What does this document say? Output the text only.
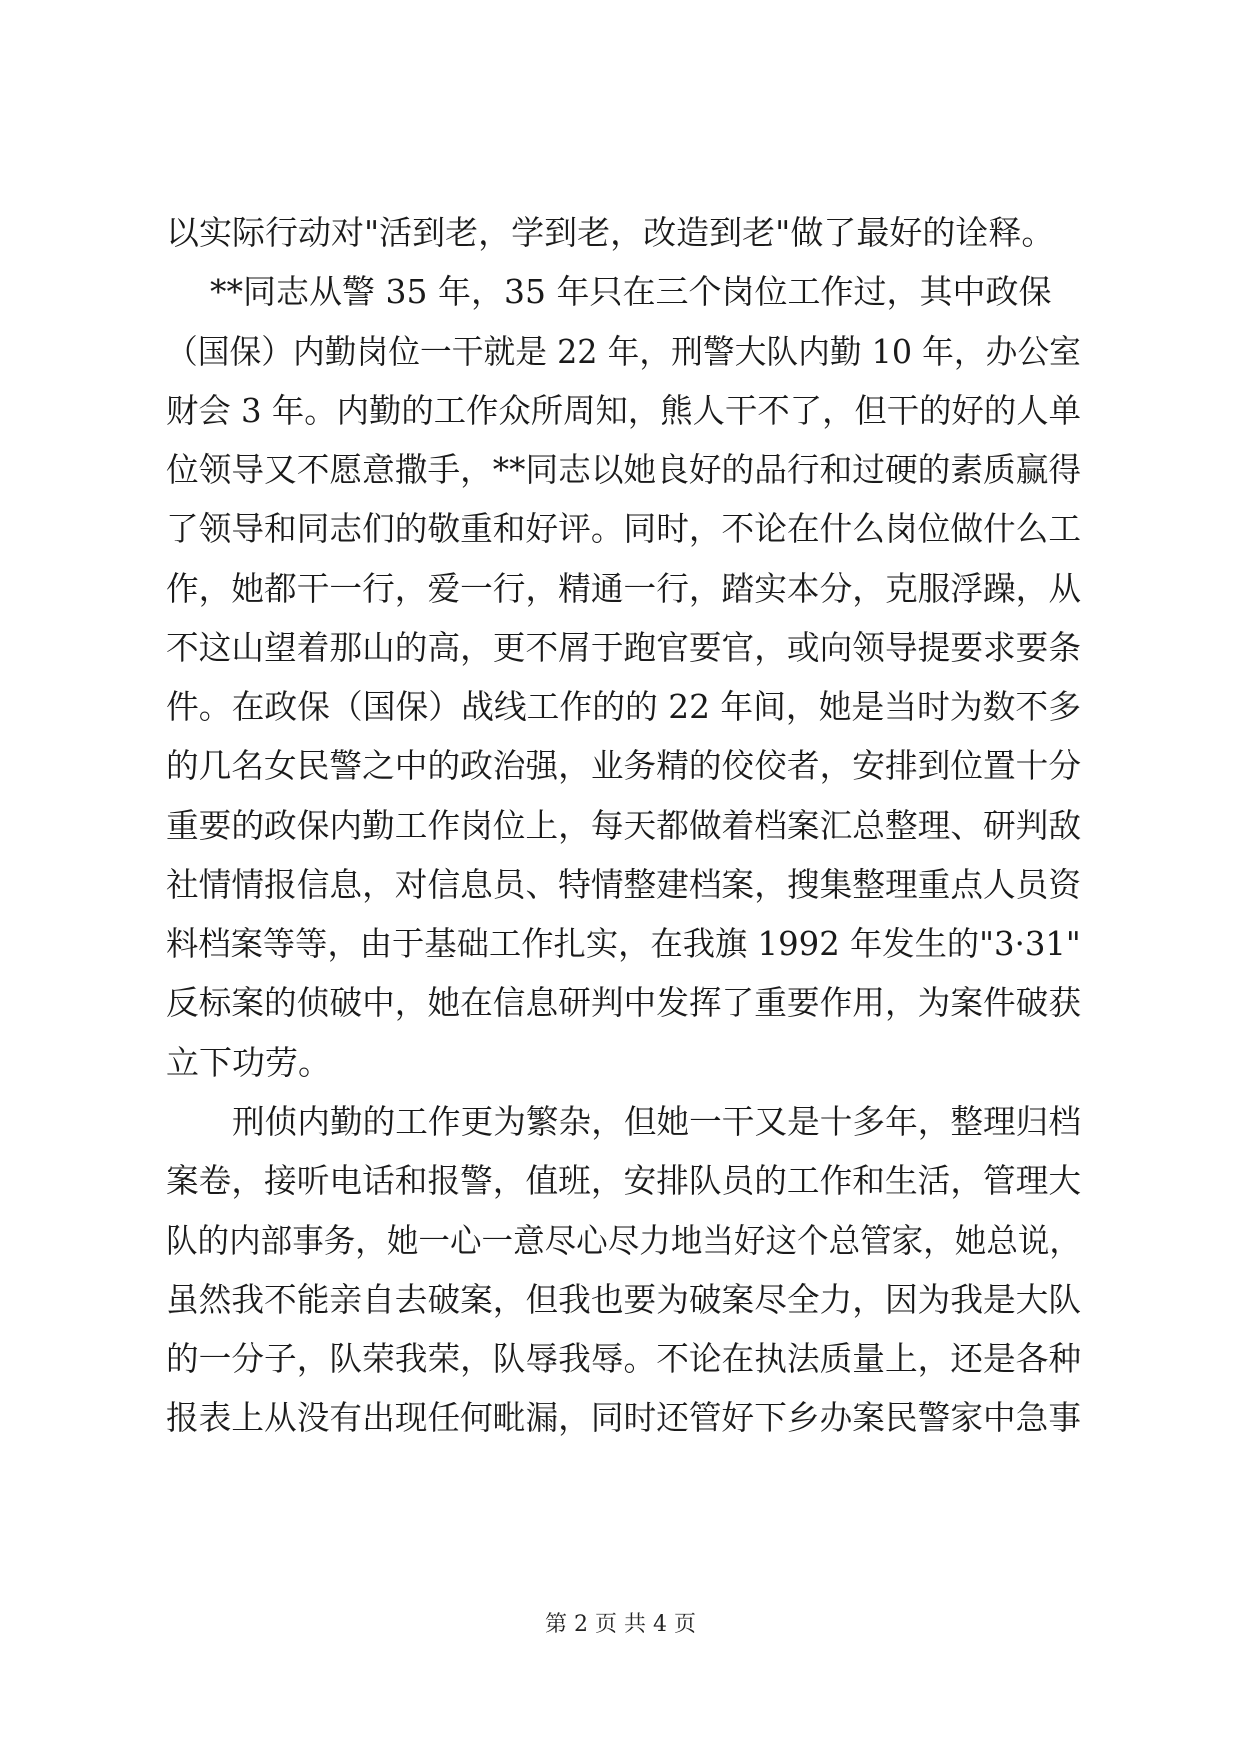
以实际行动对"活到老，学到老，改造到老"做了最好的诠释。
**同志从警 35 年，35 年只在三个岗位工作过，其中政保
（国保）内勤岗位一干就是 22 年，刑警大队内勤 10 年，办公室
财会 3 年。内勤的工作众所周知，熊人干不了，但干的好的人单
位领导又不愿意撒手，**同志以她良好的品行和过硬的素质赢得
了领导和同志们的敬重和好评。同时，不论在什么岗位做什么工
作，她都干一行，爱一行，精通一行，踏实本分，克服浮躁，从
不这山望着那山的高，更不屑于跑官要官，或向领导提要求要条
件。在政保（国保）战线工作的的 22 年间，她是当时为数不多
的几名女民警之中的政治强，业务精的佼佼者，安排到位置十分
重要的政保内勤工作岗位上，每天都做着档案汇总整理、研判敌
社情情报信息，对信息员、特情整建档案，搜集整理重点人员资
料档案等等，由于基础工作扎实，在我旗 1992 年发生的"3·31"
反标案的侦破中，她在信息研判中发挥了重要作用，为案件破获
立下功劳。
刑侦内勤的工作更为繁杂，但她一干又是十多年，整理归档
案卷，接听电话和报警，值班，安排队员的工作和生活，管理大
队的内部事务，她一心一意尽心尽力地当好这个总管家，她总说，
虽然我不能亲自去破案，但我也要为破案尽全力，因为我是大队
的一分子，队荣我荣，队辱我辱。不论在执法质量上，还是各种
报表上从没有出现任何毗漏，同时还管好下乡办案民警家中急事
第 2 页 共 4 页
